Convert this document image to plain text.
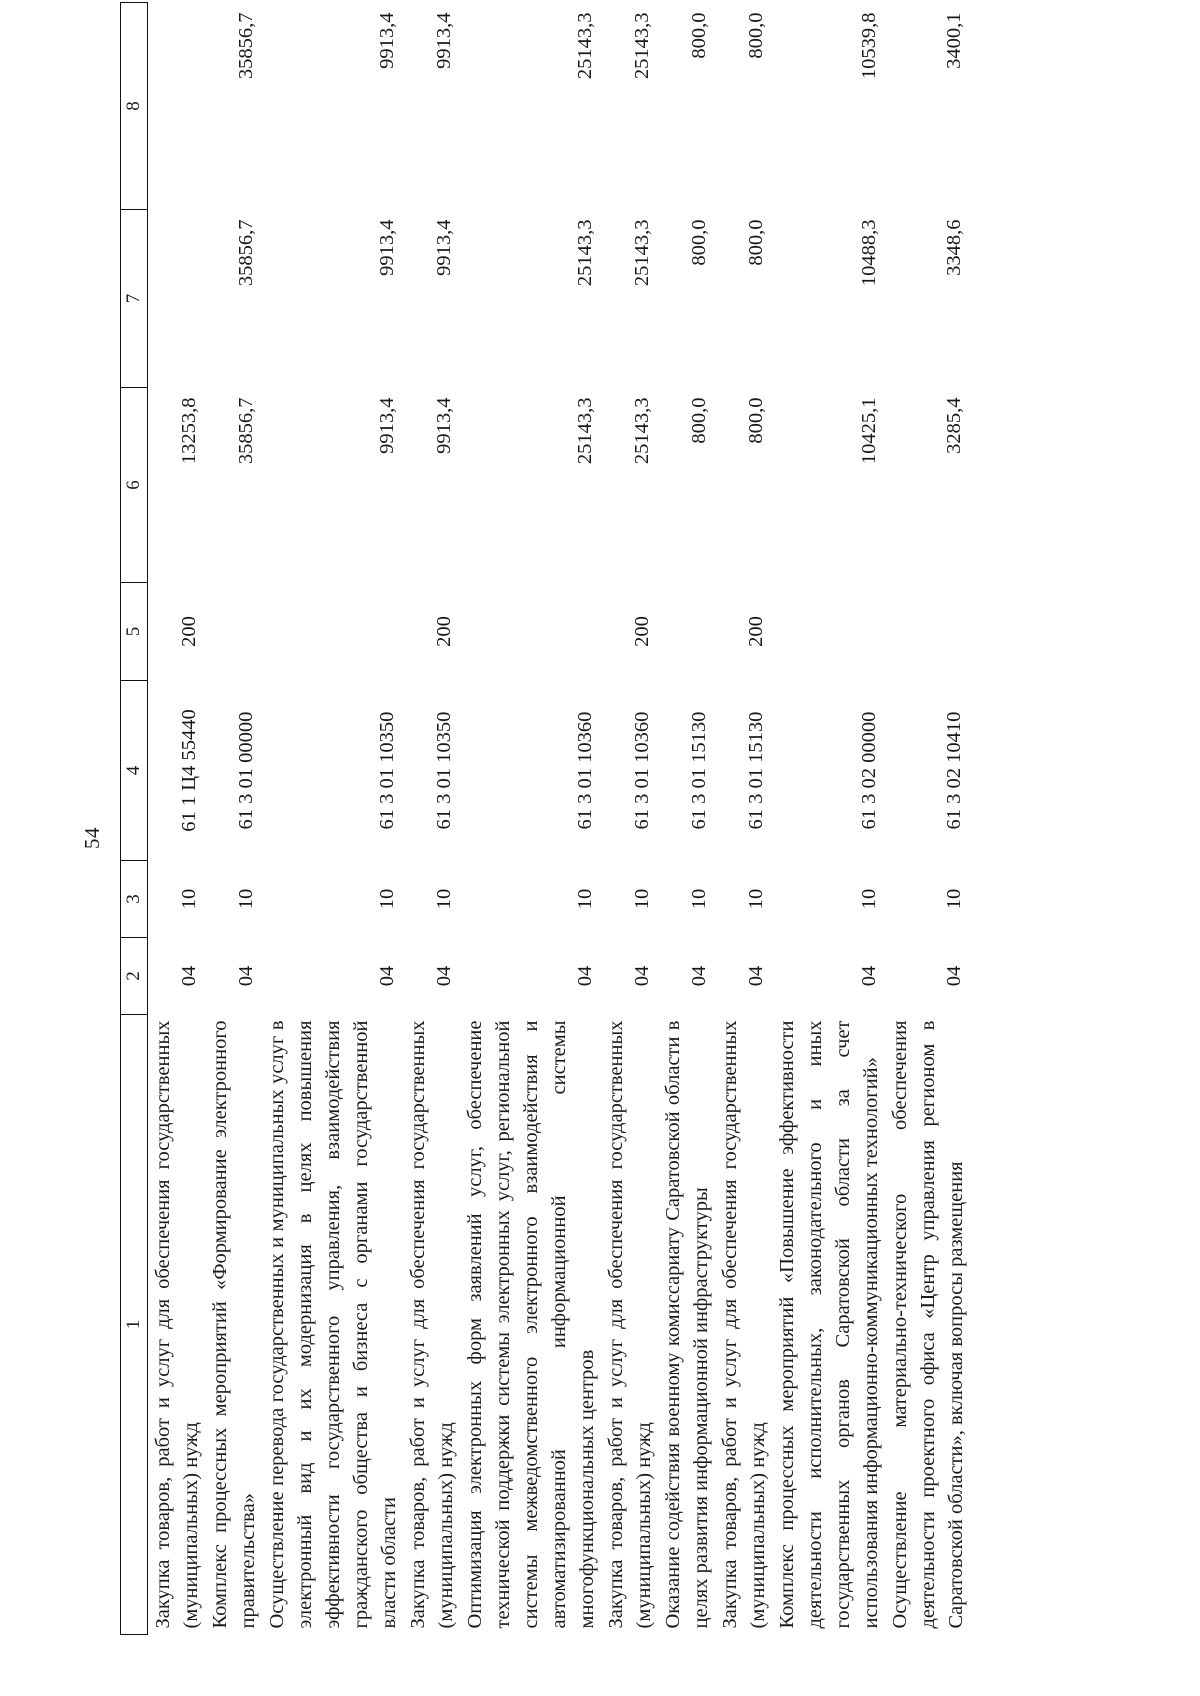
54
1	2	3	4	5	6	7	8
Закупка товаров, работ и услуг для обеспечения государственных (муниципальных) нужд	04	10	61 1 Ц4 55440	200	13253,8		
Комплекс процессных мероприятий «Формирование электронного правительства»	04	10	61 3 01 00000		35856,7	35856,7	35856,7
Осуществление перевода государственных и муниципальных услуг в электронный вид и их модернизация в целях повышения эффективности государственного управления, взаимодействия гражданского общества и бизнеса с органами государственной власти области	04	10	61 3 01 10350		9913,4	9913,4	9913,4
Закупка товаров, работ и услуг для обеспечения государственных (муниципальных) нужд	04	10	61 3 01 10350	200	9913,4	9913,4	9913,4
Оптимизация электронных форм заявлений услуг, обеспечение технической поддержки системы электронных услуг, региональной системы межведомственного электронного взаимодействия и автоматизированной информационной системы многофункциональных центров	04	10	61 3 01 10360		25143,3	25143,3	25143,3
Закупка товаров, работ и услуг для обеспечения государственных (муниципальных) нужд	04	10	61 3 01 10360	200	25143,3	25143,3	25143,3
Оказание содействия военному комиссариату Саратовской области в целях развития информационной инфраструктуры	04	10	61 3 01 15130		800,0	800,0	800,0
Закупка товаров, работ и услуг для обеспечения государственных (муниципальных) нужд	04	10	61 3 01 15130	200	800,0	800,0	800,0
Комплекс процессных мероприятий «Повышение эффективности деятельности исполнительных, законодательного и иных государственных органов Саратовской области за счет использования информационно-коммуникационных технологий»	04	10	61 3 02 00000		10425,1	10488,3	10539,8
Осуществление материально-технического обеспечения деятельности проектного офиса «Центр управления регионом в Саратовской области», включая вопросы размещения	04	10	61 3 02 10410		3285,4	3348,6	3400,1
